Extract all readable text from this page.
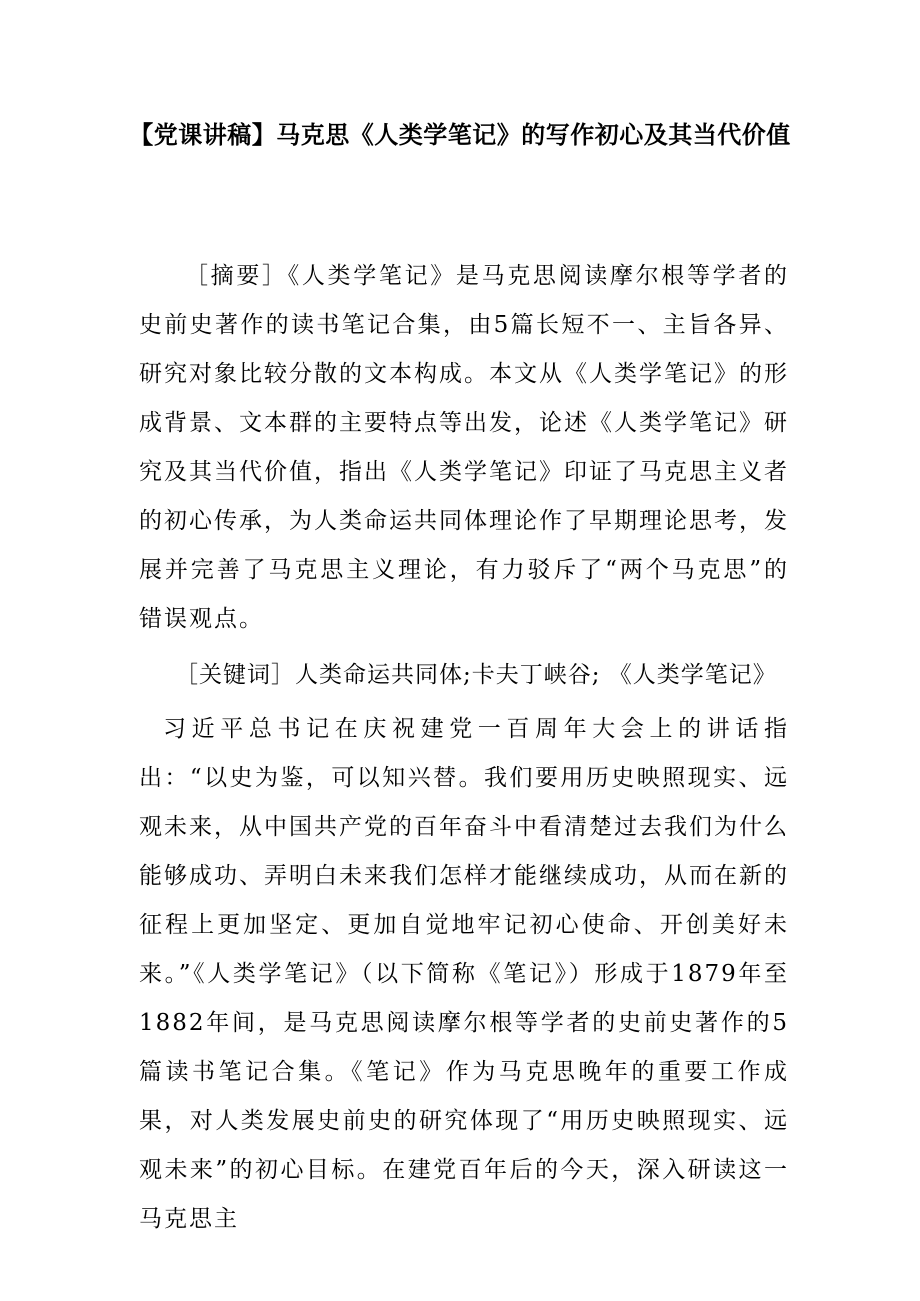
【党课讲稿】马克思《人类学笔记》的写作初心及其当代价值

［摘要］《人类学笔记》是马克思阅读摩尔根等学者的史前史著作的读书笔记合集，由5篇长短不一、主旨各异、研究对象比较分散的文本构成。本文从《人类学笔记》的形成背景、文本群的主要特点等出发，论述《人类学笔记》研究及其当代价值，指出《人类学笔记》印证了马克思主义者的初心传承，为人类命运共同体理论作了早期理论思考，发展并完善了马克思主义理论，有力驳斥了“两个马克思”的错误观点。

［关键词］人类命运共同体;卡夫丁峡谷; 《人类学笔记》

习近平总书记在庆祝建党一百周年大会上的讲话指出：“以史为鉴，可以知兴替。我们要用历史映照现实、远观未来，从中国共产党的百年奋斗中看清楚过去我们为什么能够成功、弄明白未来我们怎样才能继续成功，从而在新的征程上更加坚定、更加自觉地牢记初心使命、开创美好未来。”《人类学笔记》（以下简称《笔记》）形成于1879年至1882年间，是马克思阅读摩尔根等学者的史前史著作的5篇读书笔记合集。《笔记》作为马克思晚年的重要工作成果，对人类发展史前史的研究体现了“用历史映照现实、远观未来”的初心目标。在建党百年后的今天，深入研读这一马克思主
